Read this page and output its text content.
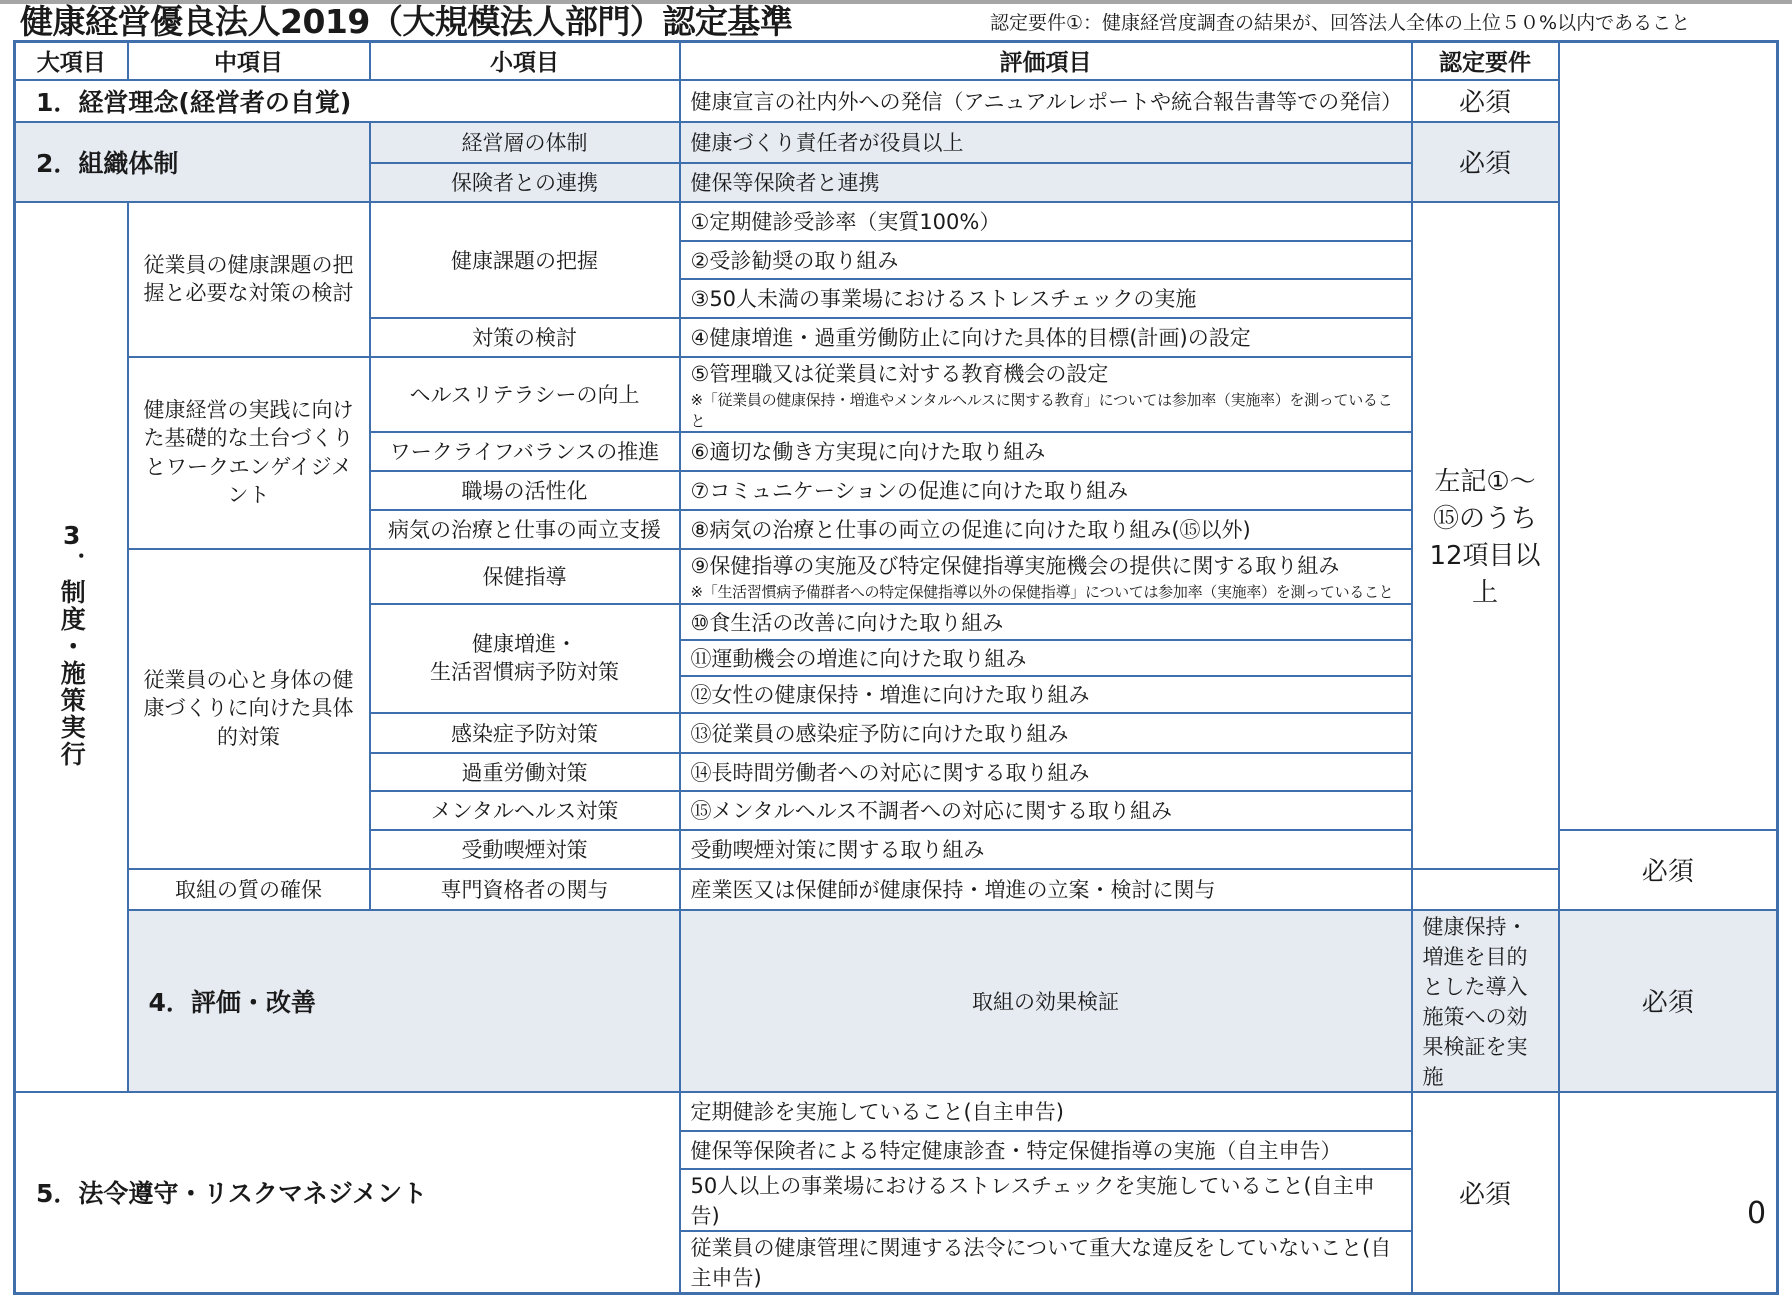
健康経営優良法人2019（大規模法人部門）認定基準	認定要件①：健康経営度調査の結果が、回答法人全体の上位５０%以内であること
大項目	中項目	小項目	評価項目	認定要件	
1．経営理念(経営者の自覚)			健康宣言の社内外への発信（アニュアルレポートや統合報告書等での発信）	必須	
2．組織体制		経営層の体制	健康づくり責任者が役員以上	必須	
		保険者との連携	健保等保険者と連携		
3．制度・施策実行	従業員の健康課題の把握と必要な対策の検討	健康課題の把握	①定期健診受診率（実質100%）	左記①～⑮のうち12項目以上	
			②受診勧奨の取り組み		
			③50人未満の事業場におけるストレスチェックの実施		
		対策の検討	④健康増進・過重労働防止に向けた具体的目標(計画)の設定		
	健康経営の実践に向けた基礎的な土台づくりとワークエンゲイジメント	ヘルスリテラシーの向上	⑤管理職又は従業員に対する教育機会の設定
※「従業員の健康保持・増進やメンタルヘルスに関する教育」については参加率（実施率）を測っていること		

		ワークライフバランスの推進	⑥適切な働き方実現に向けた取り組み		
		職場の活性化	⑦コミュニケーションの促進に向けた取り組み		
		病気の治療と仕事の両立支援	⑧病気の治療と仕事の両立の促進に向けた取り組み(⑮以外)		
	従業員の心と身体の健康づくりに向けた具体的対策	保健指導	⑨保健指導の実施及び特定保健指導実施機会の提供に関する取り組み
※「生活習慣病予備群者への特定保健指導以外の保健指導」については参加率（実施率）を測っていること		

		健康増進・
生活習慣病予防対策	⑩食生活の改善に向けた取り組み		
			⑪運動機会の増進に向けた取り組み		
			⑫女性の健康保持・増進に向けた取り組み		
		感染症予防対策	⑬従業員の感染症予防に向けた取り組み		
		過重労働対策	⑭長時間労働者への対応に関する取り組み		
		メンタルヘルス対策	⑮メンタルヘルス不調者への対応に関する取り組み		
		受動喫煙対策	受動喫煙対策に関する取り組み		必須
	取組の質の確保	専門資格者の関与	産業医又は保健師が健康保持・増進の立案・検討に関与		
	4．評価・改善		取組の効果検証	健康保持・増進を目的とした導入施策への効果検証を実施	必須
5．法令遵守・リスクマネジメント			定期健診を実施していること(自主申告)	必須	
			健保等保険者による特定健康診査・特定保健指導の実施（自主申告）		
			50人以上の事業場におけるストレスチェックを実施していること(自主申告)		
			従業員の健康管理に関連する法令について重大な違反をしていないこと(自主申告)		
0
